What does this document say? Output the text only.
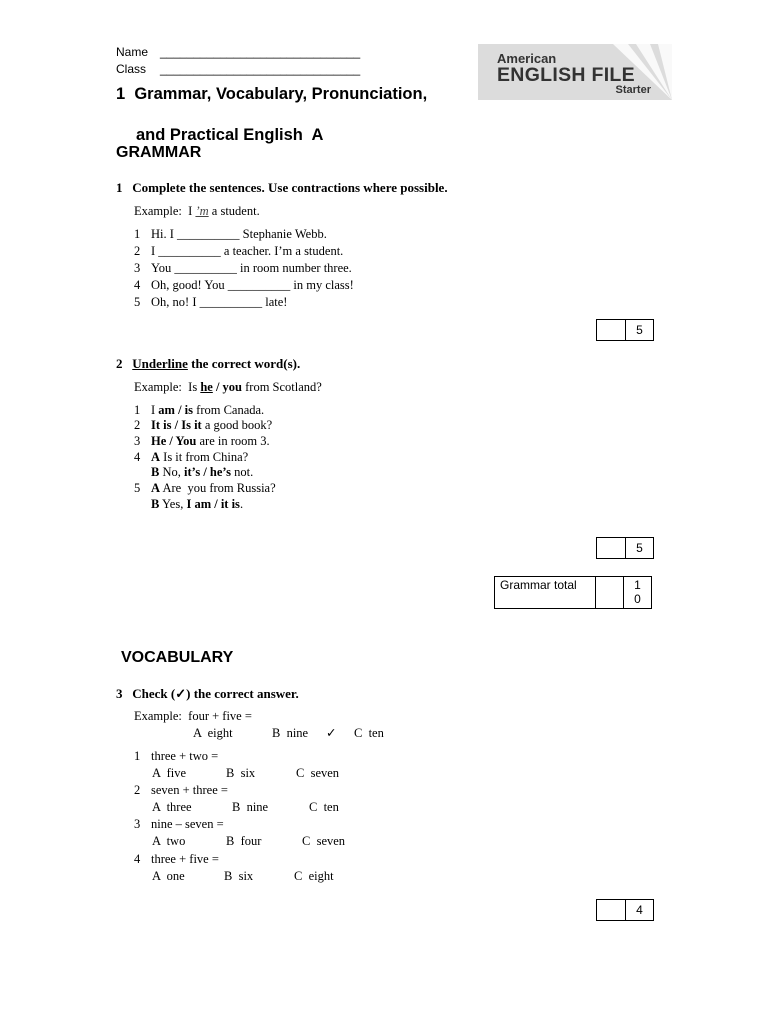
Name ______________________________
Class ______________________________
American
ENGLISH FILE
Starter
1  Grammar, Vocabulary, Pronunciation,
and Practical English  A
GRAMMAR
1 Complete the sentences. Use contractions where possible.
Example: I ’m a student.
1 Hi. I __________ Stephanie Webb.
2 I __________ a teacher. I’m a student.
3 You __________ in room number three.
4 Oh, good! You __________ in my class!
5 Oh, no! I __________ late!
5
2 Underline the correct word(s).
Example: Is he / you from Scotland?
1 I am / is from Canada.
2 It is / Is it a good book?
3 He / You are in room 3.
4 A Is it from China?
B No, it’s / he’s not.
5 A Are  you from Russia?
B Yes, I am / it is.
5
Grammar total	1
0
VOCABULARY
3 Check (✓) the correct answer.
Example: four + five =
A  eight	B  nine ✓ C  ten
1 three + two =
A  five	B  six	C  seven
2 seven + three =
A  three	B  nine	C  ten
3 nine – seven =
A  two	B  four	C  seven
4 three + five =
A  one	B  six	C  eight
4
